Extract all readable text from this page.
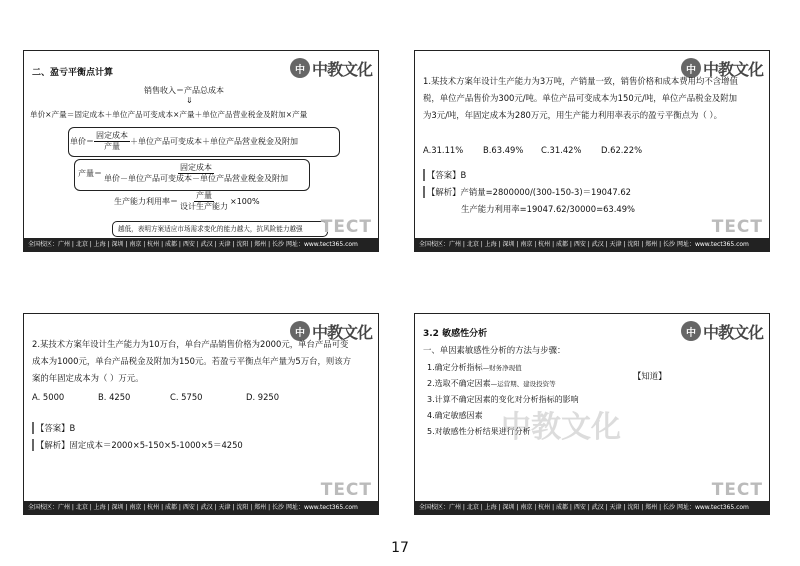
中 中教文化
二、盈亏平衡点计算
销售收入＝产品总成本
⇓
单价×产量＝固定成本＋单位产品可变成本×产量＋单位产品营业税金及附加×产量
单价＝ $\frac{\text{固定成本}}{\text{产量}}$ ＋单位产品可变成本＋单位产品营业税金及附加
产量＝ $\frac{\text{固定成本}}{\text{单价－单位产品可变成本－单位产品营业税金及附加}}$
生产能力利用率＝ $\frac{\text{产量}}{\text{设计生产能力}} \times 100\%$
越低，表明方案适应市场需求变化的能力越大，抗风险能力越强 TECT
全国校区：广州 | 北京 | 上海 | 深圳 | 南京 | 杭州 | 成都 | 西安 | 武汉 | 天津 | 沈阳 | 郑州 | 长沙 网址：www.tect365.com
中 中教文化
1.某技术方案年设计生产能力为3万吨，产销量一致，销售价格和成本费用均不含增值税，单位产品售价为300元/吨。单位产品可变成本为150元/吨，单位产品税金及附加为3元/吨，年固定成本为280万元，用生产能力利用率表示的盈亏平衡点为（ ）。
A.31.11%	B.63.49%	C.31.42%	D.62.22%
【答案】B
【解析】产销量=2800000/(300-150-3)＝19047.62
生产能力利用率=19047.62/30000=63.49%
TECT
全国校区：广州 | 北京 | 上海 | 深圳 | 南京 | 杭州 | 成都 | 西安 | 武汉 | 天津 | 沈阳 | 郑州 | 长沙 网址：www.tect365.com
中 中教文化
2.某技术方案年设计生产能力为10万台，单台产品销售价格为2000元，单台产品可变成本为1000元，单台产品税金及附加为150元。若盈亏平衡点年产量为5万台，则该方案的年固定成本为（ ）万元。
A. 5000	B. 4250	C. 5750	D. 9250
【答案】B
【解析】固定成本＝2000×5-150×5-1000×5＝4250
TECT
全国校区：广州 | 北京 | 上海 | 深圳 | 南京 | 杭州 | 成都 | 西安 | 武汉 | 天津 | 沈阳 | 郑州 | 长沙 网址：www.tect365.com
中 中教文化
中教文化
3.2 敏感性分析
一、单因素敏感性分析的方法与步骤：
【知道】
1.确定分析指标—财务净现值
2.选取不确定因素—运营期、建设投资等
3.计算不确定因素的变化对分析指标的影响
4.确定敏感因素
5.对敏感性分析结果进行分析
TECT
全国校区：广州 | 北京 | 上海 | 深圳 | 南京 | 杭州 | 成都 | 西安 | 武汉 | 天津 | 沈阳 | 郑州 | 长沙 网址：www.tect365.com
17
